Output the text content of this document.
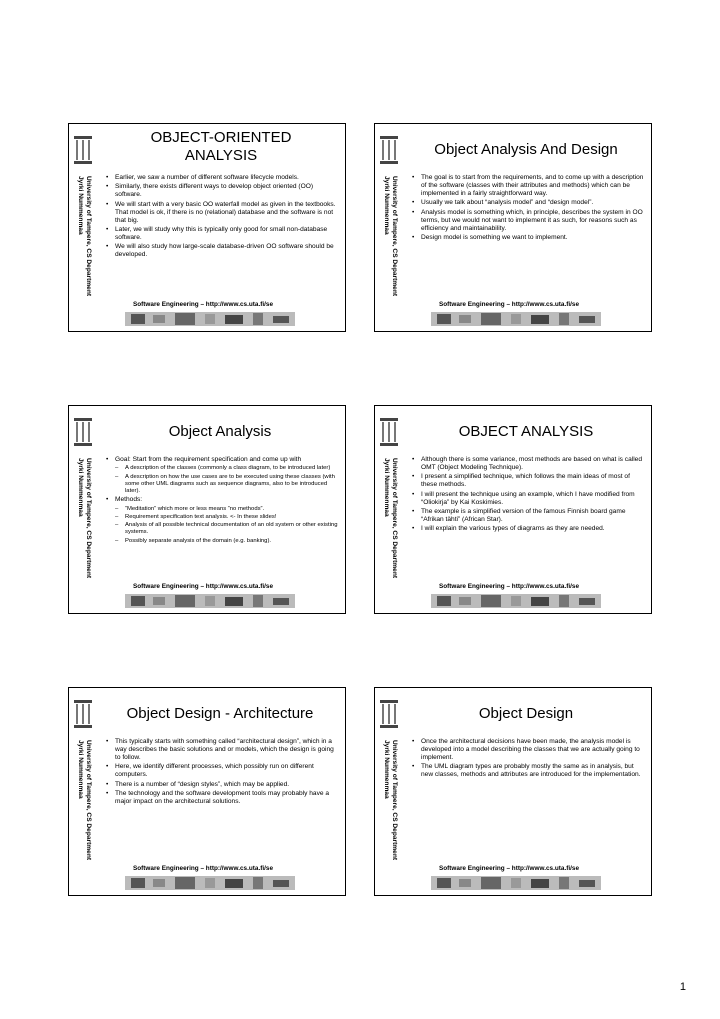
University of Tampere, CS Department
Jyrki Nummenmaa
OBJECT-ORIENTED ANALYSIS
• Earlier, we saw a number of different software lifecycle models.
• Similarly, there exists different ways to develop object oriented (OO) software.
• We will start with a very basic OO waterfall model as given in the textbooks. That model is ok, if there is no (relational) database and the software is not that big.
• Later, we will study why this is typically only good for small non-database software.
• We will also study how large-scale database-driven OO software should be developed.
Software Engineering – http://www.cs.uta.fi/se
University of Tampere, CS Department
Jyrki Nummenmaa
Object Analysis And Design
• The goal is to start from the requirements, and to come up with a description of the software (classes with their attributes and methods) which can be implemented in a fairly straightforward way.
• Usually we talk about “analysis model” and “design model”.
• Analysis model is something which, in principle, describes the system in OO terms, but we would not want to implement it as such, for reasons such as efficiency and maintainability.
• Design model is something we want to implement.
Software Engineering – http://www.cs.uta.fi/se
University of Tampere, CS Department
Jyrki Nummenmaa
Object Analysis
• Goal: Start from the requirement specification and come up with
– A description of the classes (commonly a class diagram, to be introduced later)
– A description on how the use cases are to be executed using these classes (with some other UML diagrams such as sequence diagrams, also to be introduced later).
• Methods:
– “Meditation” which more or less means “no methods”.
– Requirement specification text analysis. <- In these slides!
– Analysis of all possible technical documentation of an old system or other existing systems.
– Possibly separate analysis of the domain (e.g. banking).
Software Engineering – http://www.cs.uta.fi/se
University of Tampere, CS Department
Jyrki Nummenmaa
OBJECT ANALYSIS
• Although there is some variance, most methods are based on what is called OMT (Object Modeling Technique).
• I present a simplified technique, which follows the main ideas of most of these methods.
• I will present the technique using an example, which I have modified from “Oliokirja” by Kai Koskimies.
• The example is a simplified version of the famous Finnish board game “Afrikan tähti” (African Star).
• I will explain the various types of diagrams as they are needed.
Software Engineering – http://www.cs.uta.fi/se
University of Tampere, CS Department
Jyrki Nummenmaa
Object Design - Architecture
• This typically starts with something called “architectural design”, which in a way describes the basic solutions and or models, which the design is going to follow.
• Here, we identify different processes, which possibly run on different computers.
• There is a number of “design styles”, which may be applied.
• The technology and the software development tools may probably have a major impact on the architectural solutions.
Software Engineering – http://www.cs.uta.fi/se
University of Tampere, CS Department
Jyrki Nummenmaa
Object Design
• Once the architectural decisions have been made, the analysis model is developed into a model describing the classes that we are actually going to implement.
• The UML diagram types are probably mostly the same as in analysis, but new classes, methods and attributes are introduced for the implementation.
Software Engineering – http://www.cs.uta.fi/se
1
